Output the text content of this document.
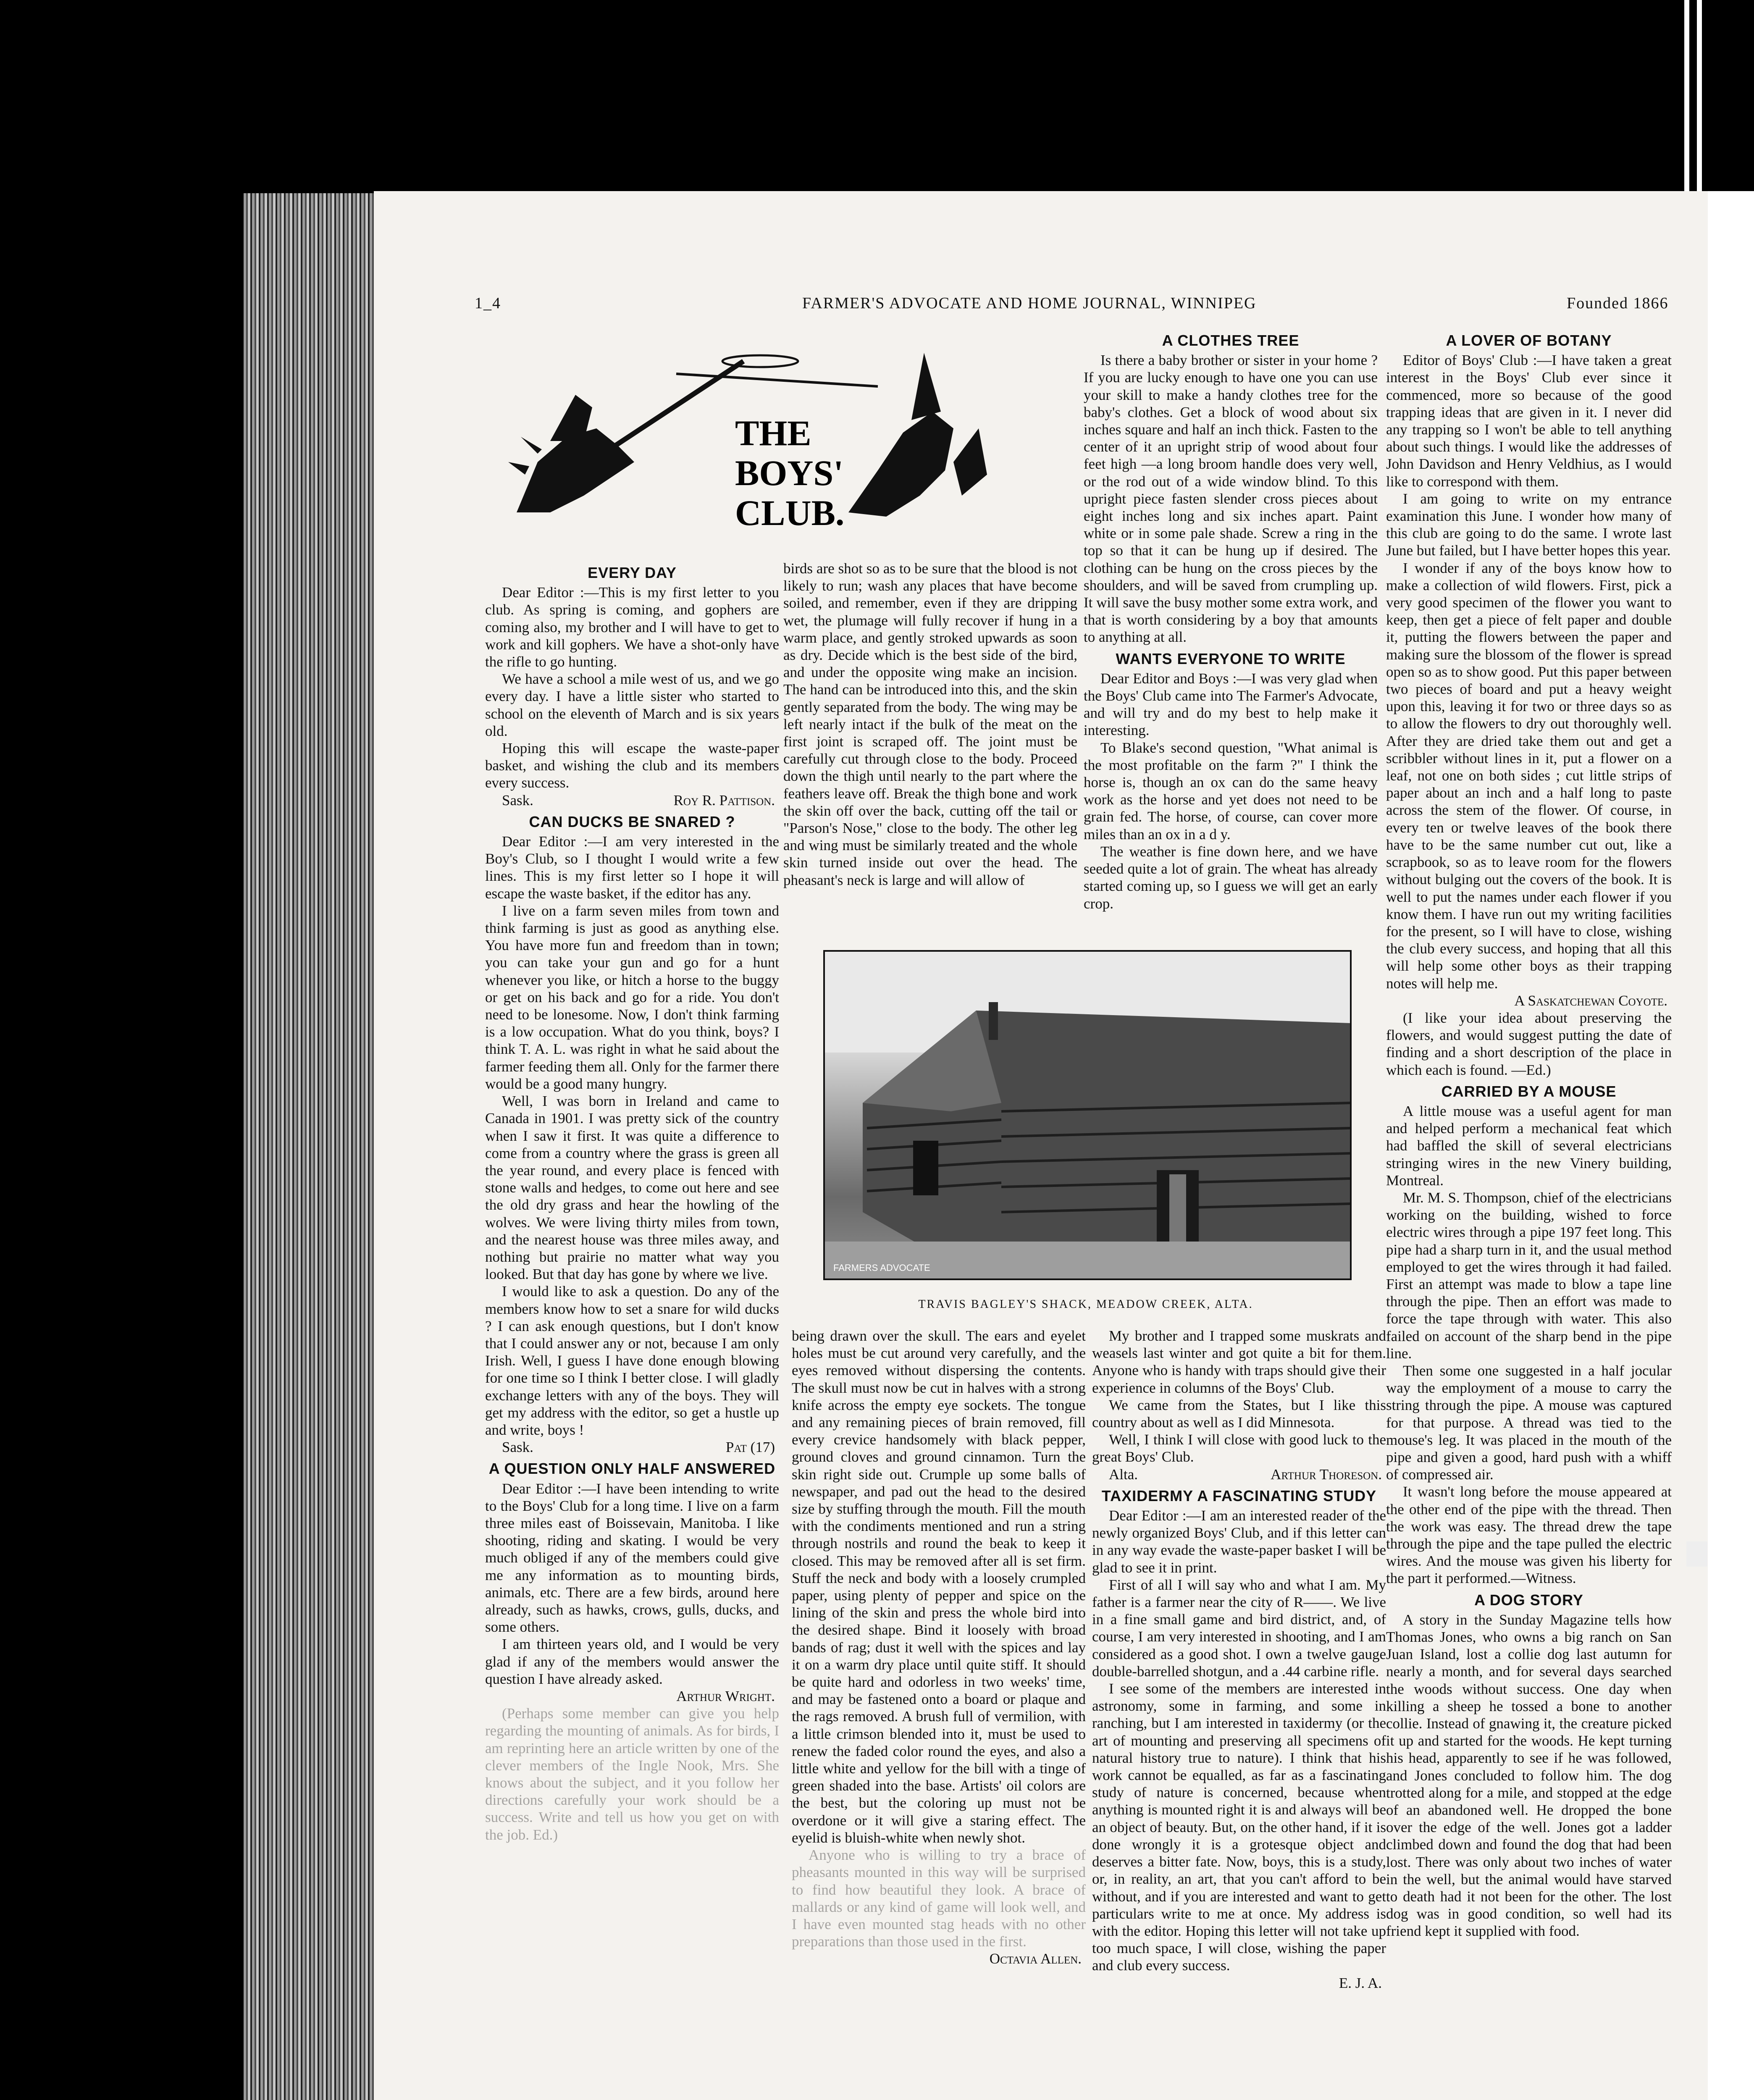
1_4	FARMER'S ADVOCATE AND HOME JOURNAL, WINNIPEG	Founded 1866
THE
BOYS'
CLUB.
EVERY DAY

Dear Editor :—This is my first letter to you club. As spring is coming, and gophers are coming also, my brother and I will have to get to work and kill gophers. We have a shot-only have the rifle to go hunting.

We have a school a mile west of us, and we go every day. I have a little sister who started to school on the eleventh of March and is six years old.

Hoping this will escape the waste-paper basket, and wishing the club and its members every success.

Sask.	Roy R. Pattison.
CAN DUCKS BE SNARED ?

Dear Editor :—I am very interested in the Boy's Club, so I thought I would write a few lines. This is my first letter so I hope it will escape the waste basket, if the editor has any.

I live on a farm seven miles from town and think farming is just as good as anything else. You have more fun and freedom than in town; you can take your gun and go for a hunt whenever you like, or hitch a horse to the buggy or get on his back and go for a ride. You don't need to be lonesome. Now, I don't think farming is a low occupation. What do you think, boys? I think T. A. L. was right in what he said about the farmer feeding them all. Only for the farmer there would be a good many hungry.

Well, I was born in Ireland and came to Canada in 1901. I was pretty sick of the country when I saw it first. It was quite a difference to come from a country where the grass is green all the year round, and every place is fenced with stone walls and hedges, to come out here and see the old dry grass and hear the howling of the wolves. We were living thirty miles from town, and the nearest house was three miles away, and nothing but prairie no matter what way you looked. But that day has gone by where we live.

I would like to ask a question. Do any of the members know how to set a snare for wild ducks ? I can ask enough questions, but I don't know that I could answer any or not, because I am only Irish. Well, I guess I have done enough blowing for one time so I think I better close. I will gladly exchange letters with any of the boys. They will get my address with the editor, so get a hustle up and write, boys !

Sask.	Pat (17)
A QUESTION ONLY HALF ANSWERED

Dear Editor :—I have been intending to write to the Boys' Club for a long time. I live on a farm three miles east of Boissevain, Manitoba. I like shooting, riding and skating. I would be very much obliged if any of the members could give me any information as to mounting birds, animals, etc. There are a few birds, around here already, such as hawks, crows, gulls, ducks, and some others.

I am thirteen years old, and I would be very glad if any of the members would answer the question I have already asked.

Arthur Wright.

(Perhaps some member can give you help regarding the mounting of animals. As for birds, I am reprinting here an article written by one of the clever members of the Ingle Nook, Mrs. She knows about the subject, and it you follow her directions carefully your work should be a success. Write and tell us how you get on with the job. Ed.)

birds are shot so as to be sure that the blood is not likely to run; wash any places that have become soiled, and remember, even if they are dripping wet, the plumage will fully recover if hung in a warm place, and gently stroked upwards as soon as dry. Decide which is the best side of the bird, and under the opposite wing make an incision. The hand can be introduced into this, and the skin gently separated from the body. The wing may be left nearly intact if the bulk of the meat on the first joint is scraped off. The joint must be carefully cut through close to the body. Proceed down the thigh until nearly to the part where the feathers leave off. Break the thigh bone and work the skin off over the back, cutting off the tail or "Parson's Nose," close to the body. The other leg and wing must be similarly treated and the whole skin turned inside out over the head. The pheasant's neck is large and will allow of

A CLOTHES TREE

Is there a baby brother or sister in your home ? If you are lucky enough to have one you can use your skill to make a handy clothes tree for the baby's clothes. Get a block of wood about six inches square and half an inch thick. Fasten to the center of it an upright strip of wood about four feet high —a long broom handle does very well, or the rod out of a wide window blind. To this upright piece fasten slender cross pieces about eight inches long and six inches apart. Paint white or in some pale shade. Screw a ring in the top so that it can be hung up if desired. The clothing can be hung on the cross pieces by the shoulders, and will be saved from crumpling up. It will save the busy mother some extra work, and that is worth considering by a boy that amounts to anything at all.

WANTS EVERYONE TO WRITE

Dear Editor and Boys :—I was very glad when the Boys' Club came into The Farmer's Advocate, and will try and do my best to help make it interesting.

To Blake's second question, "What animal is the most profitable on the farm ?" I think the horse is, though an ox can do the same heavy work as the horse and yet does not need to be grain fed. The horse, of course, can cover more miles than an ox in a d y.

The weather is fine down here, and we have seeded quite a lot of grain. The wheat has already started coming up, so I guess we will get an early crop.

FARMERS ADVOCATE
TRAVIS BAGLEY'S SHACK, MEADOW CREEK, ALTA.

being drawn over the skull. The ears and eyelet holes must be cut around very carefully, and the eyes removed without dispersing the contents. The skull must now be cut in halves with a strong knife across the empty eye sockets. The tongue and any remaining pieces of brain removed, fill every crevice handsomely with black pepper, ground cloves and ground cinnamon. Turn the skin right side out. Crumple up some balls of newspaper, and pad out the head to the desired size by stuffing through the mouth. Fill the mouth with the condiments mentioned and run a string through nostrils and round the beak to keep it closed. This may be removed after all is set firm. Stuff the neck and body with a loosely crumpled paper, using plenty of pepper and spice on the lining of the skin and press the whole bird into the desired shape. Bind it loosely with broad bands of rag; dust it well with the spices and lay it on a warm dry place until quite stiff. It should be quite hard and odorless in two weeks' time, and may be fastened onto a board or plaque and the rags removed. A brush full of vermilion, with a little crimson blended into it, must be used to renew the faded color round the eyes, and also a little white and yellow for the bill with a tinge of green shaded into the base. Artists' oil colors are the best, but the coloring up must not be overdone or it will give a staring effect. The eyelid is bluish-white when newly shot.

Anyone who is willing to try a brace of pheasants mounted in this way will be surprised to find how beautiful they look. A brace of mallards or any kind of game will look well, and I have even mounted stag heads with no other preparations than those used in the first.

Octavia Allen.

My brother and I trapped some muskrats and weasels last winter and got quite a bit for them. Anyone who is handy with traps should give their experience in columns of the Boys' Club.

We came from the States, but I like this country about as well as I did Minnesota.

Well, I think I will close with good luck to the great Boys' Club.

Alta.	Arthur Thoreson.
TAXIDERMY A FASCINATING STUDY

Dear Editor :—I am an interested reader of the newly organized Boys' Club, and if this letter can in any way evade the waste-paper basket I will be glad to see it in print.

First of all I will say who and what I am. My father is a farmer near the city of R——. We live in a fine small game and bird district, and, of course, I am very interested in shooting, and I am considered as a good shot. I own a twelve gauge double-barrelled shotgun, and a .44 carbine rifle.

I see some of the members are interested in astronomy, some in farming, and some in ranching, but I am interested in taxidermy (or the art of mounting and preserving all specimens of natural history true to nature). I think that his work cannot be equalled, as far as a fascinating study of nature is concerned, because when anything is mounted right it is and always will be an object of beauty. But, on the other hand, if it is done wrongly it is a grotesque object and deserves a bitter fate. Now, boys, this is a study, or, in reality, an art, that you can't afford to be without, and if you are interested and want to get particulars write to me at once. My address is with the editor. Hoping this letter will not take up too much space, I will close, wishing the paper and club every success.

E. J. A.
A LOVER OF BOTANY

Editor of Boys' Club :—I have taken a great interest in the Boys' Club ever since it commenced, more so because of the good trapping ideas that are given in it. I never did any trapping so I won't be able to tell anything about such things. I would like the addresses of John Davidson and Henry Veldhius, as I would like to correspond with them.

I am going to write on my entrance examination this June. I wonder how many of this club are going to do the same. I wrote last June but failed, but I have better hopes this year.

I wonder if any of the boys know how to make a collection of wild flowers. First, pick a very good specimen of the flower you want to keep, then get a piece of felt paper and double it, putting the flowers between the paper and making sure the blossom of the flower is spread open so as to show good. Put this paper between two pieces of board and put a heavy weight upon this, leaving it for two or three days so as to allow the flowers to dry out thoroughly well. After they are dried take them out and get a scribbler without lines in it, put a flower on a leaf, not one on both sides ; cut little strips of paper about an inch and a half long to paste across the stem of the flower. Of course, in every ten or twelve leaves of the book there have to be the same number cut out, like a scrapbook, so as to leave room for the flowers without bulging out the covers of the book. It is well to put the names under each flower if you know them. I have run out my writing facilities for the present, so I will have to close, wishing the club every success, and hoping that all this will help some other boys as their trapping notes will help me.

A Saskatchewan Coyote.

(I like your idea about preserving the flowers, and would suggest putting the date of finding and a short description of the place in which each is found. —Ed.)

CARRIED BY A MOUSE

A little mouse was a useful agent for man and helped perform a mechanical feat which had baffled the skill of several electricians stringing wires in the new Vinery building, Montreal.

Mr. M. S. Thompson, chief of the electricians working on the building, wished to force electric wires through a pipe 197 feet long. This pipe had a sharp turn in it, and the usual method employed to get the wires through it had failed. First an attempt was made to blow a tape line through the pipe. Then an effort was made to force the tape through with water. This also failed on account of the sharp bend in the pipe line.

Then some one suggested in a half jocular way the employment of a mouse to carry the string through the pipe. A mouse was captured for that purpose. A thread was tied to the mouse's leg. It was placed in the mouth of the pipe and given a good, hard push with a whiff of compressed air.

It wasn't long before the mouse appeared at the other end of the pipe with the thread. Then the work was easy. The thread drew the tape through the pipe and the tape pulled the electric wires. And the mouse was given his liberty for the part it performed.—Witness.

A DOG STORY

A story in the Sunday Magazine tells how Thomas Jones, who owns a big ranch on San Juan Island, lost a collie dog last autumn for nearly a month, and for several days searched the woods without success. One day when killing a sheep he tossed a bone to another collie. Instead of gnawing it, the creature picked it up and started for the woods. He kept turning his head, apparently to see if he was followed, and Jones concluded to follow him. The dog trotted along for a mile, and stopped at the edge of an abandoned well. He dropped the bone over the edge of the well. Jones got a ladder climbed down and found the dog that had been lost. There was only about two inches of water in the well, but the animal would have starved to death had it not been for the other. The lost dog was in good condition, so well had its friend kept it supplied with food.
